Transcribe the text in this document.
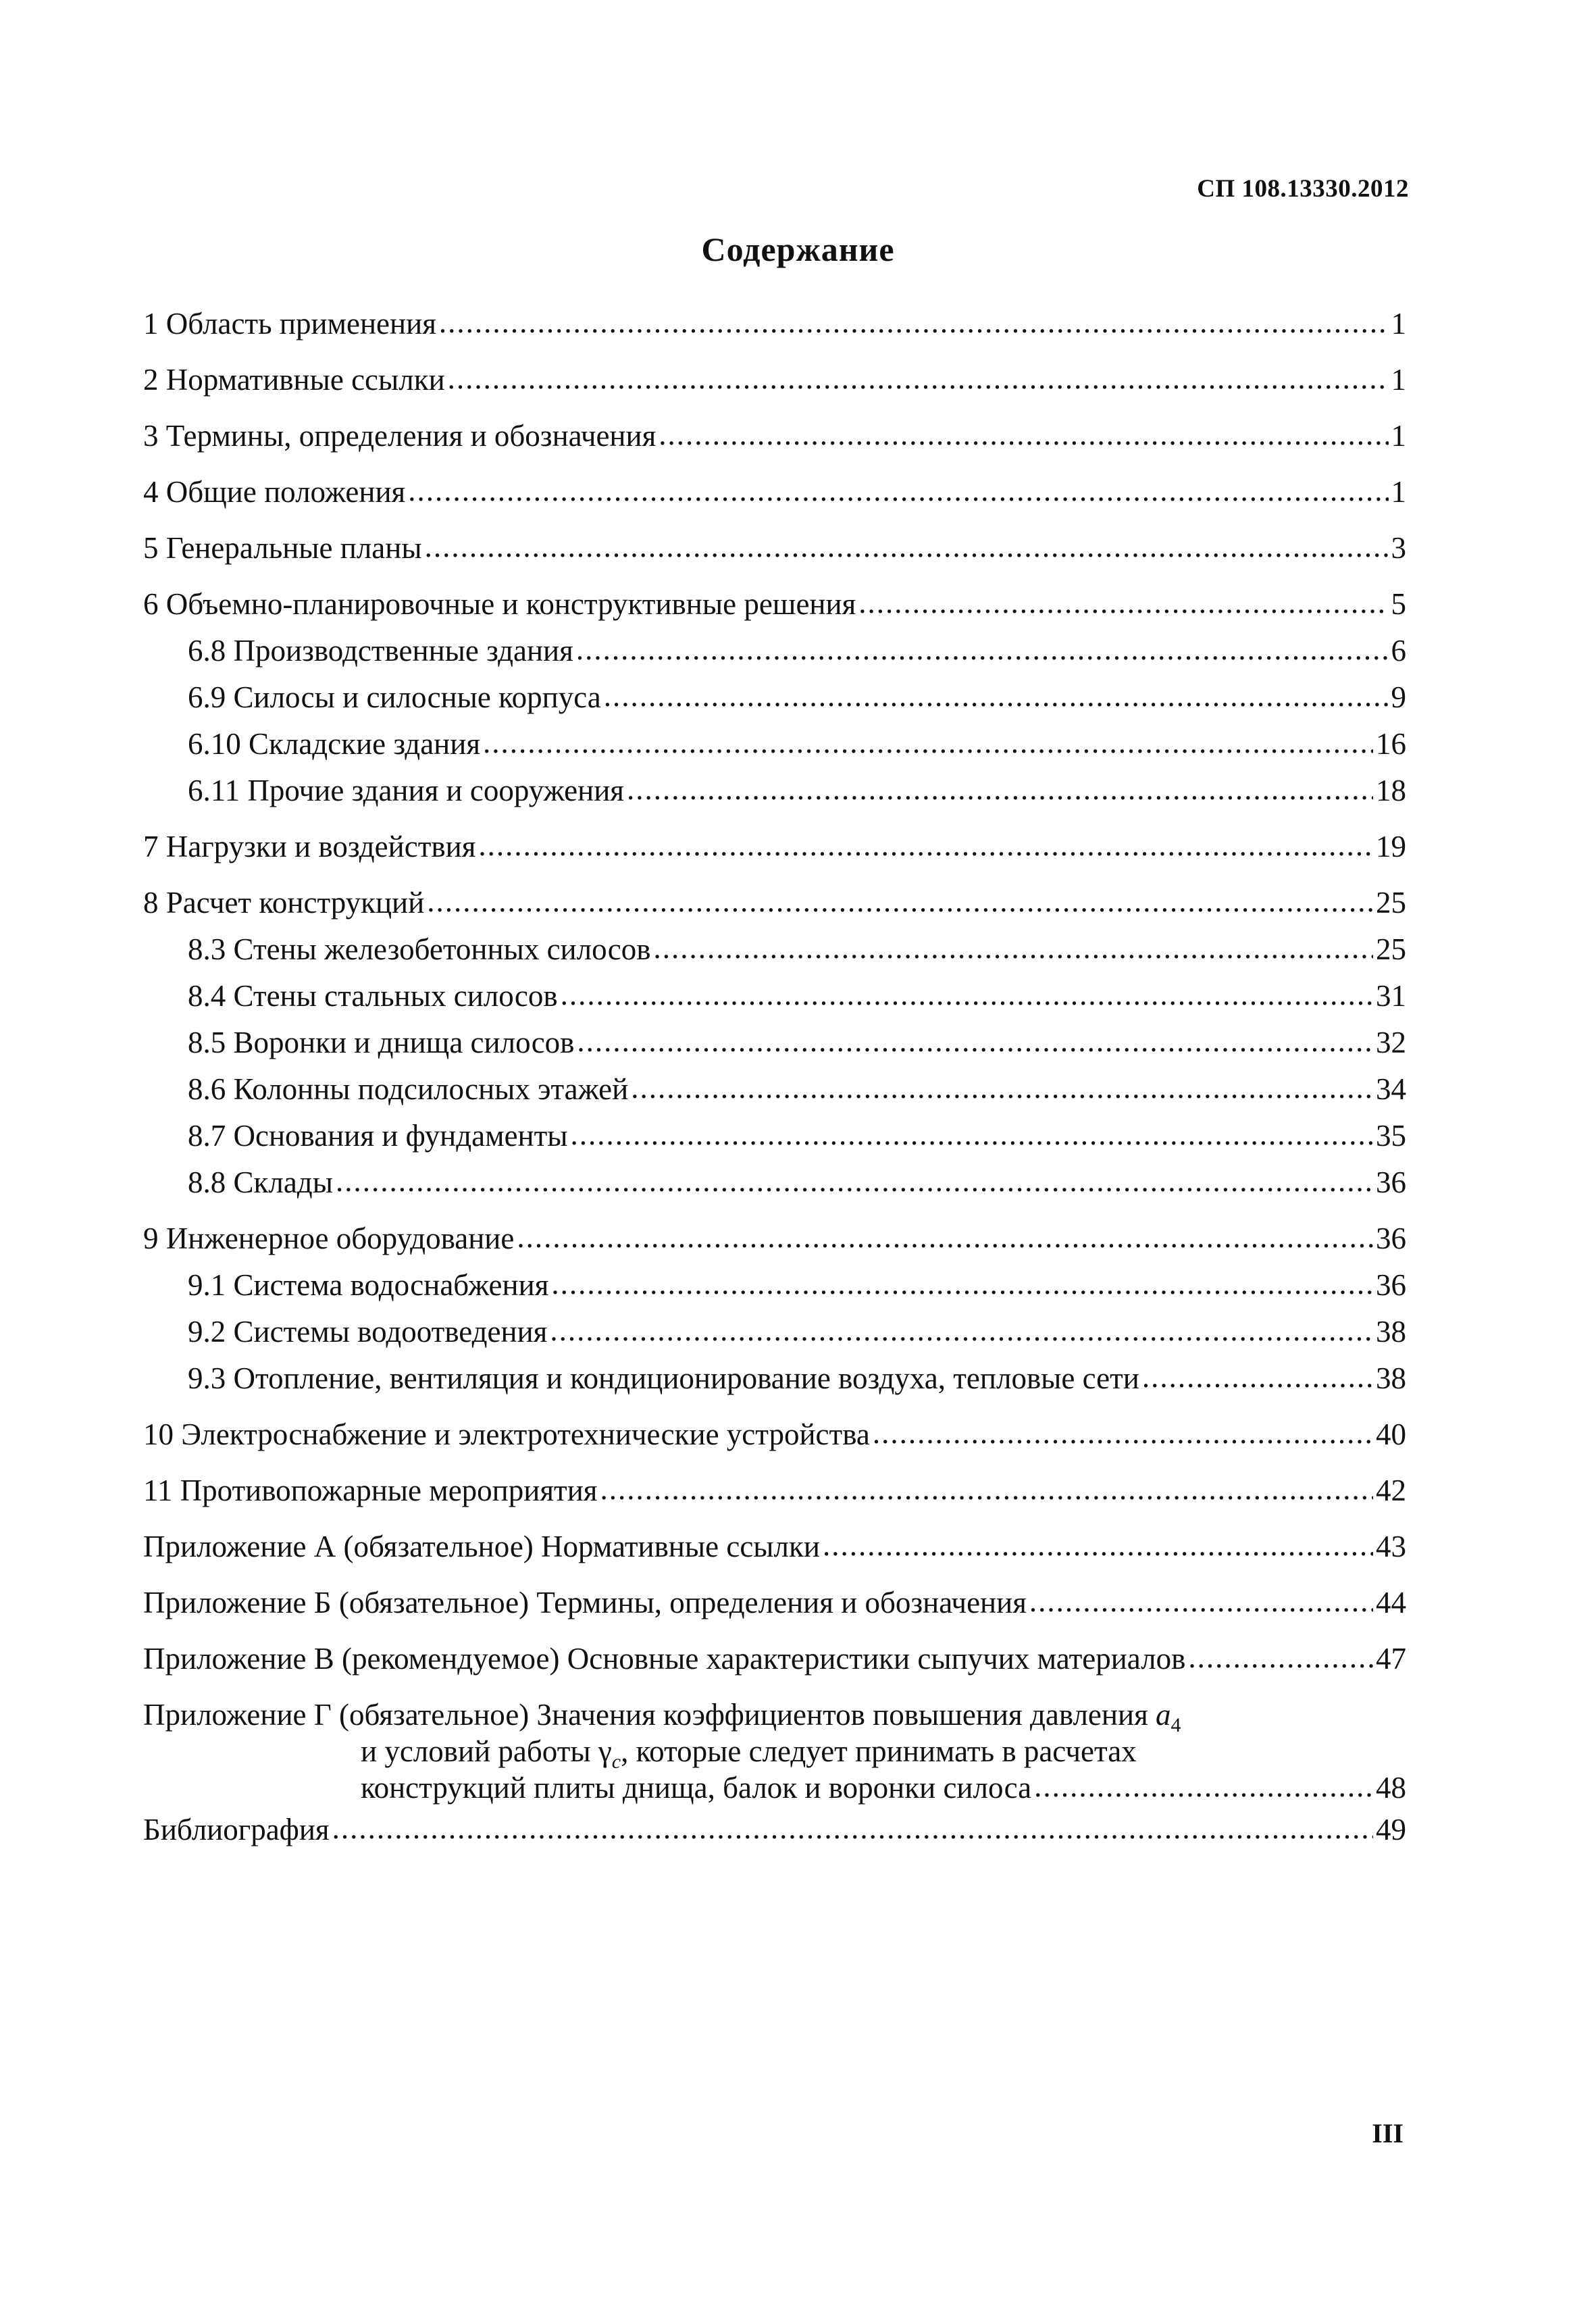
СП 108.13330.2012
Содержание
1 Область применения .....	1
2 Нормативные ссылки .....	1
3 Термины, определения и обозначения .....	1
4 Общие положения .....	1
5 Генеральные планы .....	3
6 Объемно-планировочные и конструктивные решения .....	5
6.8 Производственные здания .....	6
6.9 Силосы и силосные корпуса .....	9
6.10 Складские здания .....	16
6.11 Прочие здания и сооружения .....	18
7 Нагрузки и воздействия .....	19
8 Расчет конструкций .....	25
8.3 Стены железобетонных силосов .....	25
8.4 Стены стальных силосов .....	31
8.5 Воронки и днища силосов .....	32
8.6 Колонны подсилосных этажей .....	34
8.7 Основания и фундаменты .....	35
8.8 Склады .....	36
9 Инженерное оборудование .....	36
9.1 Система водоснабжения .....	36
9.2 Системы водоотведения .....	38
9.3 Отопление, вентиляция и кондиционирование воздуха, тепловые сети .....	38
10 Электроснабжение и электротехнические устройства .....	40
11 Противопожарные мероприятия .....	42
Приложение А (обязательное) Нормативные ссылки .....	43
Приложение Б (обязательное) Термины, определения и обозначения .....	44
Приложение В (рекомендуемое) Основные характеристики сыпучих материалов .....	47
Приложение Г (обязательное) Значения коэффициентов повышения давления $a_4$
и условий работы $\gamma_c$, которые следует принимать в расчетах
конструкций плиты днища, балок и воронки силоса .....	48
Библиография .....	49
III
